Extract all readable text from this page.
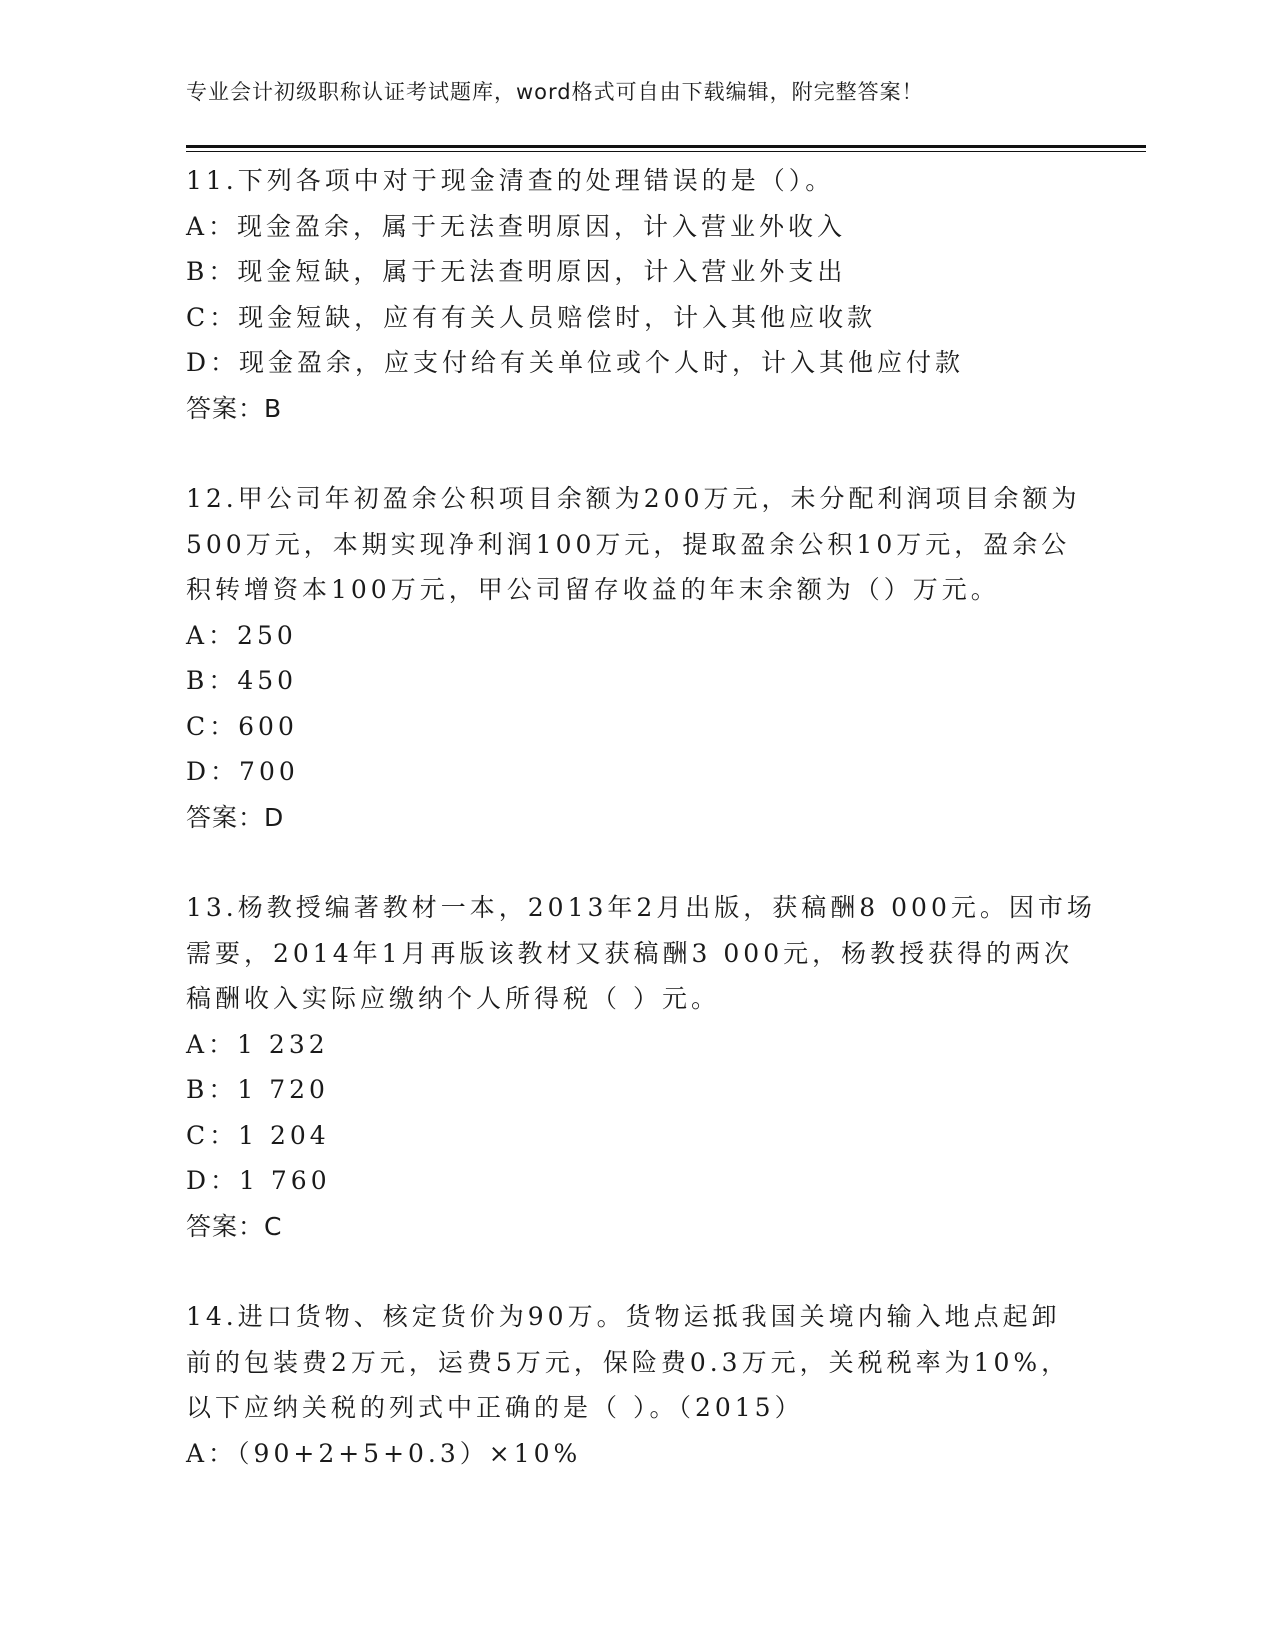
专业会计初级职称认证考试题库，word格式可自由下载编辑，附完整答案！
11.下列各项中对于现金清查的处理错误的是（）。
A：现金盈余，属于无法查明原因，计入营业外收入
B：现金短缺，属于无法查明原因，计入营业外支出
C：现金短缺，应有有关人员赔偿时，计入其他应收款
D：现金盈余，应支付给有关单位或个人时，计入其他应付款
答案：B
12.甲公司年初盈余公积项目余额为200万元，未分配利润项目余额为
500万元，本期实现净利润100万元，提取盈余公积10万元，盈余公
积转增资本100万元，甲公司留存收益的年末余额为（）万元。
A：250
B：450
C：600
D：700
答案：D
13.杨教授编著教材一本，2013年2月出版，获稿酬8 000元。因市场
需要，2014年1月再版该教材又获稿酬3 000元，杨教授获得的两次
稿酬收入实际应缴纳个人所得税（ ）元。
A：1 232
B：1 720
C：1 204
D：1 760
答案：C
14.进口货物、核定货价为90万。货物运抵我国关境内输入地点起卸
前的包装费2万元，运费5万元，保险费0.3万元，关税税率为10%，
以下应纳关税的列式中正确的是（ ）。（2015）
A：（90+2+5+0.3）×10%
